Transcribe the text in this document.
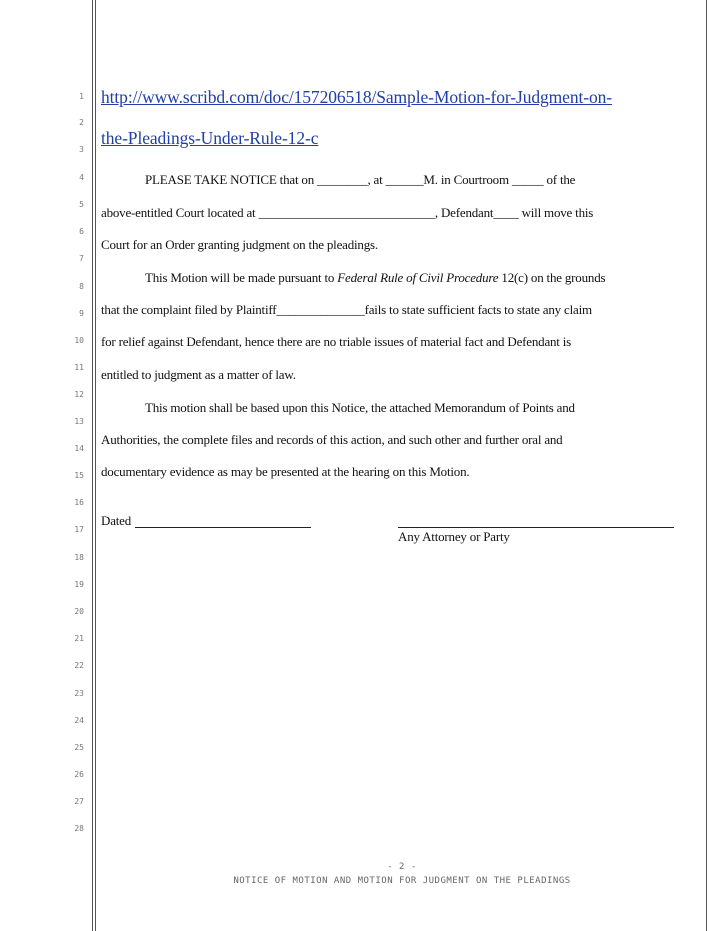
1
2
3
4
5
6
7
8
9
10
11
12
13
14
15
16
17
18
19
20
21
22
23
24
25
26
27
28
http://www.scribd.com/doc/157206518/Sample-Motion-for-Judgment-on-
the-Pleadings-Under-Rule-12-c
PLEASE TAKE NOTICE that on ________, at ______M. in Courtroom _____ of the
above-entitled Court located at ____________________________, Defendant____ will move this
Court for an Order granting judgment on the pleadings.
This Motion will be made pursuant to Federal Rule of Civil Procedure 12(c) on the grounds
that the complaint filed by Plaintiff______________fails to state sufficient facts to state any claim
for relief against Defendant, hence there are no triable issues of material fact and Defendant is
entitled to judgment as a matter of law.
This motion shall be based upon this Notice, the attached Memorandum of Points and
Authorities, the complete files and records of this action, and such other and further oral and
documentary evidence as may be presented at the hearing on this Motion.
Dated
Any Attorney or Party
- 2 -
NOTICE OF MOTION AND MOTION FOR JUDGMENT ON THE PLEADINGS
